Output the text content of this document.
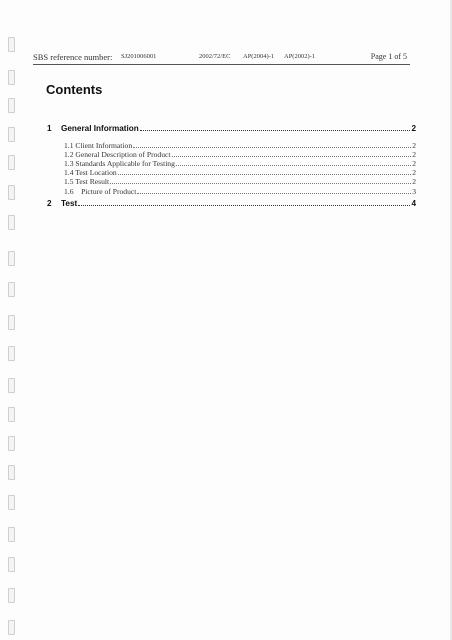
SBS reference number: SJ201006001	2002/72/EC AP(2004)-1 AP(2002)-1	Page 1 of 5
Contents
1	General Information	2
1.1 Client Information	2
1.2 General Description of Product	2
1.3 Standards Applicable for Testing	2
1.4 Test Location	2
1.5 Test Result	2
1.6    Picture of Product	3
2	Test	4
